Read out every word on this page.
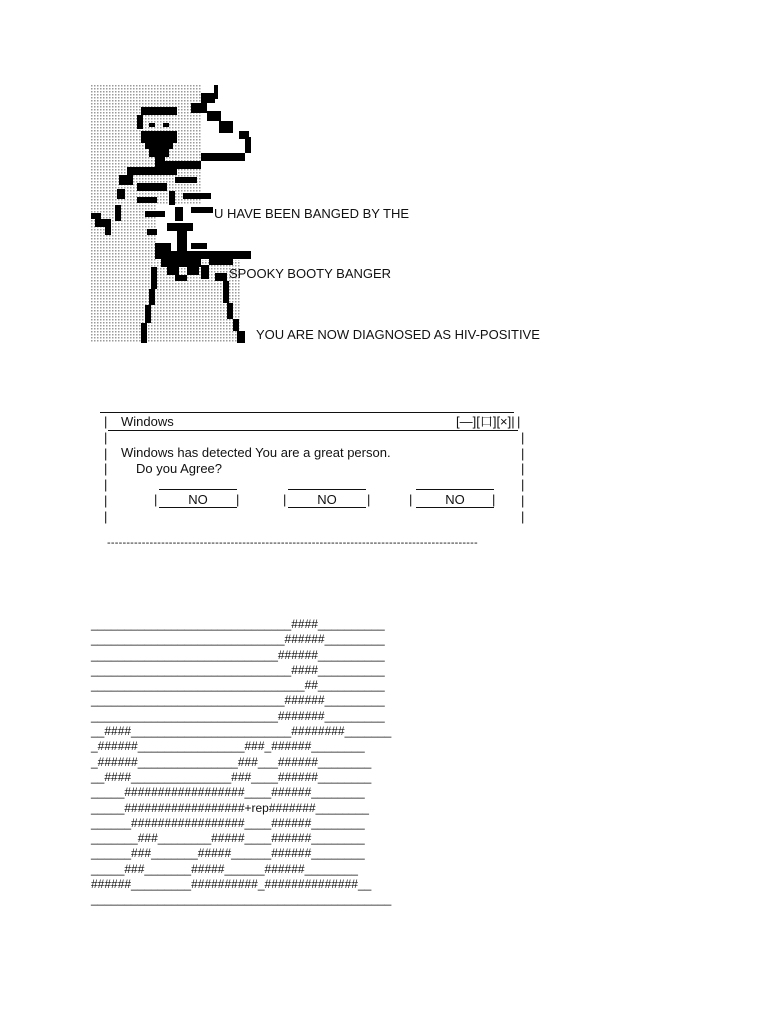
U HAVE BEEN BANGED BY THE
SPOOKY BOOTY BANGER
YOU ARE NOW DIAGNOSED AS HIV-POSITIVE
| Windows	[—][口][×]| |
|
|
|
|
|
|
|
|
|
|
|
|
Windows has detected You are a great person.
Do you Agree?
|	NO	|	|	NO	|	|	NO	|
------------------------------------------------------------------------------------------------
______________________________####__________
_____________________________######_________
____________________________######__________
______________________________####__________
________________________________##__________
_____________________________######_________
____________________________#######_________
__####________________________########_______
_######________________###_######________
_######_______________###___######________
__####_______________###____######________
_____##################____######________
_____##################+rep#######________
______#################____######________
_______###________#####____######________
______###_______#####______######________
_____###_______#####______######________
######_________##########_##############__
_____________________________________________
